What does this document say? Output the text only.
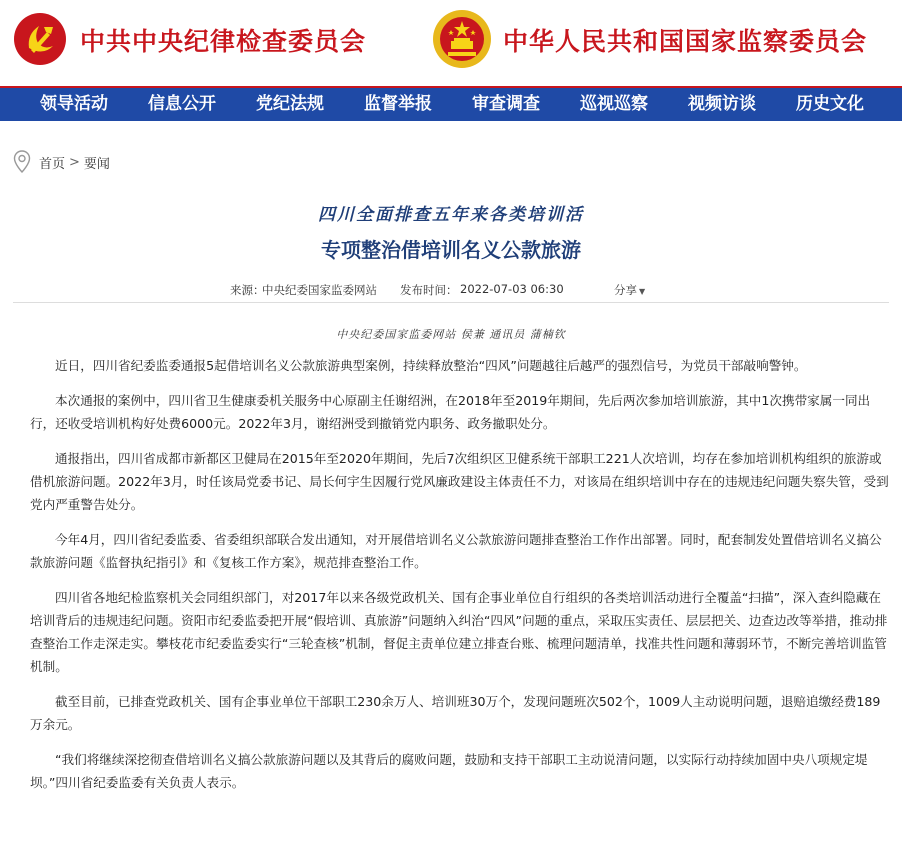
中共中央纪律检查委员会	中华人民共和国国家监察委员会
领导活动	信息公开	党纪法规	监督举报	审查调查	巡视巡察	视频访谈	历史文化
首页 > 要闻
四川全面排查五年来各类培训活
专项整治借培训名义公款旅游
来源：
中央纪委国家监委网站 发布时间： 2022-07-03 06:30	分享 ▼
中央纪委国家监委网站 侯兼 通讯员 蒲楠钦

近日，四川省纪委监委通报5起借培训名义公款旅游典型案例，持续释放整治“四风”问题越往后越严的强烈信号，为党员干部敲响警钟。

本次通报的案例中，四川省卫生健康委机关服务中心原副主任谢绍洲，在2018年至2019年期间，先后两次参加培训旅游，其中1次携带家属一同出行，还收受培训机构好处费6000元。2022年3月，谢绍洲受到撤销党内职务、政务撤职处分。

通报指出，四川省成都市新都区卫健局在2015年至2020年期间，先后7次组织区卫健系统干部职工221人次培训，均存在参加培训机构组织的旅游或借机旅游问题。2022年3月，时任该局党委书记、局长何宇生因履行党风廉政建设主体责任不力，对该局在组织培训中存在的违规违纪问题失察失管，受到党内严重警告处分。

今年4月，四川省纪委监委、省委组织部联合发出通知，对开展借培训名义公款旅游问题排查整治工作作出部署。同时，配套制发处置借培训名义搞公款旅游问题《监督执纪指引》和《复核工作方案》，规范排查整治工作。

四川省各地纪检监察机关会同组织部门，对2017年以来各级党政机关、国有企事业单位自行组织的各类培训活动进行全覆盖“扫描”，深入查纠隐藏在培训背后的违规违纪问题。资阳市纪委监委把开展“假培训、真旅游”问题纳入纠治“四风”问题的重点，采取压实责任、层层把关、边查边改等举措，推动排查整治工作走深走实。攀枝花市纪委监委实行“三轮查核”机制，督促主责单位建立排查台账、梳理问题清单，找准共性问题和薄弱环节，不断完善培训监管机制。

截至目前，已排查党政机关、国有企事业单位干部职工230余万人、培训班30万个，发现问题班次502个，1009人主动说明问题，退赔追缴经费189万余元。

“我们将继续深挖彻查借培训名义搞公款旅游问题以及其背后的腐败问题，鼓励和支持干部职工主动说清问题，以实际行动持续加固中央八项规定堤坝。”四川省纪委监委有关负责人表示。
